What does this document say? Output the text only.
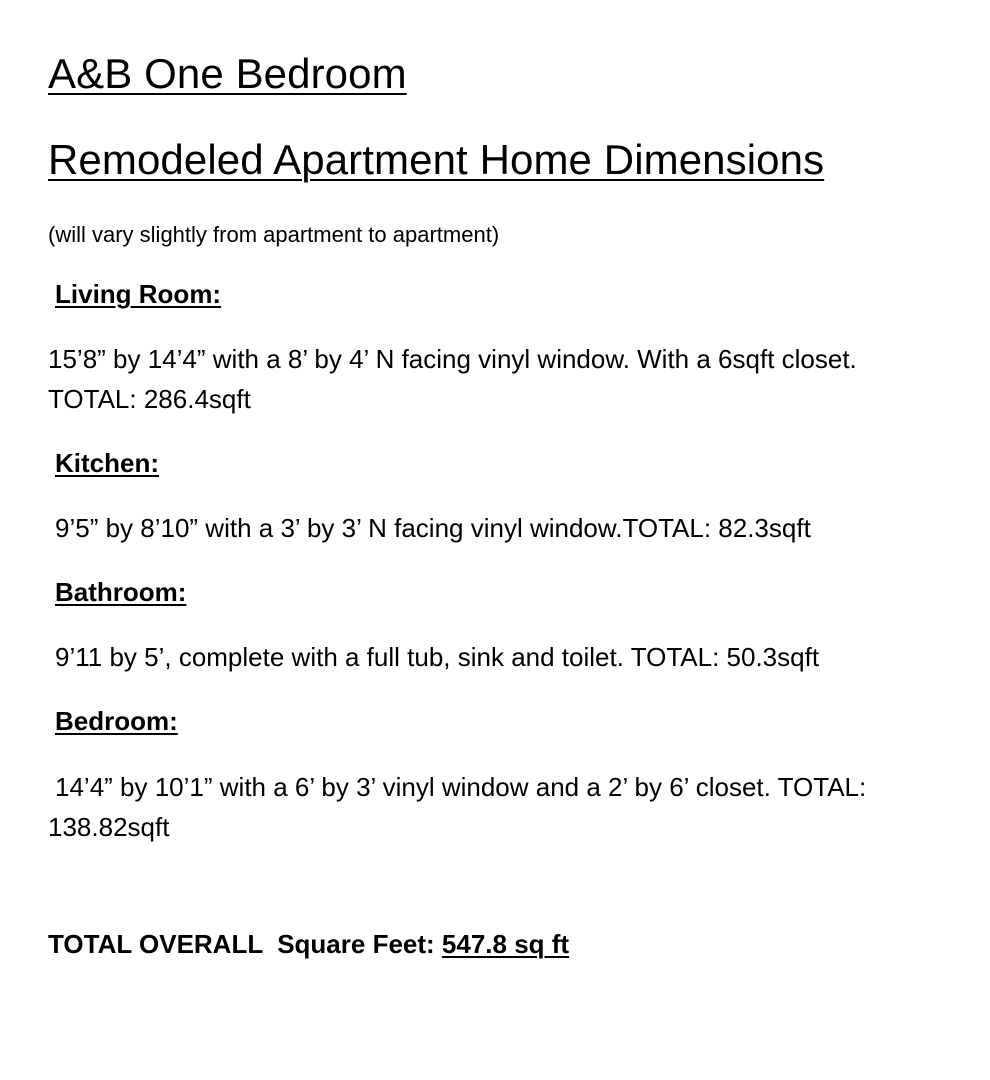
A&B One Bedroom
Remodeled Apartment Home Dimensions
(will vary slightly from apartment to apartment)
Living Room:
15’8” by 14’4” with a 8’ by 4’ N facing vinyl window. With a 6sqft closet.
TOTAL: 286.4sqft
Kitchen:
9’5” by 8’10” with a 3’ by 3’ N facing vinyl window.TOTAL: 82.3sqft
Bathroom:
9’11 by 5’, complete with a full tub, sink and toilet. TOTAL: 50.3sqft
Bedroom:
14’4” by 10’1” with a 6’ by 3’ vinyl window and a 2’ by 6’ closet. TOTAL:
138.82sqft
TOTAL OVERALL  Square Feet: 547.8 sq ft
